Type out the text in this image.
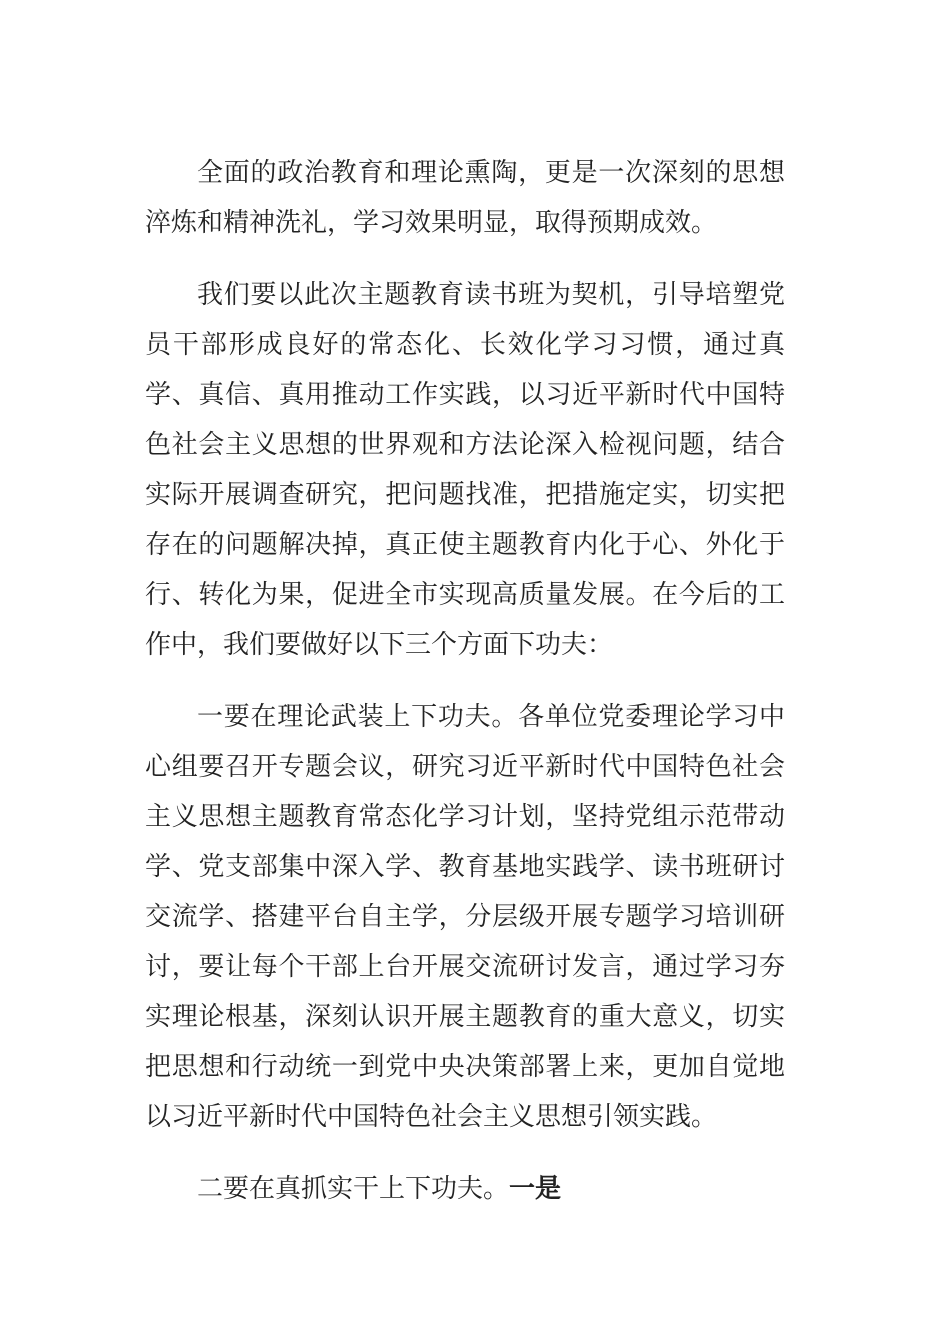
全面的政治教育和理论熏陶，更是一次深刻的思想淬炼和精神洗礼，学习效果明显，取得预期成效。

我们要以此次主题教育读书班为契机，引导培塑党员干部形成良好的常态化、长效化学习习惯，通过真学、真信、真用推动工作实践，以习近平新时代中国特色社会主义思想的世界观和方法论深入检视问题，结合实际开展调查研究，把问题找准，把措施定实，切实把存在的问题解决掉，真正使主题教育内化于心、外化于行、转化为果，促进全市实现高质量发展。在今后的工作中，我们要做好以下三个方面下功夫：

一要在理论武装上下功夫。各单位党委理论学习中心组要召开专题会议，研究习近平新时代中国特色社会主义思想主题教育常态化学习计划，坚持党组示范带动学、党支部集中深入学、教育基地实践学、读书班研讨交流学、搭建平台自主学，分层级开展专题学习培训研讨，要让每个干部上台开展交流研讨发言，通过学习夯实理论根基，深刻认识开展主题教育的重大意义，切实把思想和行动统一到党中央决策部署上来，更加自觉地以习近平新时代中国特色社会主义思想引领实践。

二要在真抓实干上下功夫。一是
